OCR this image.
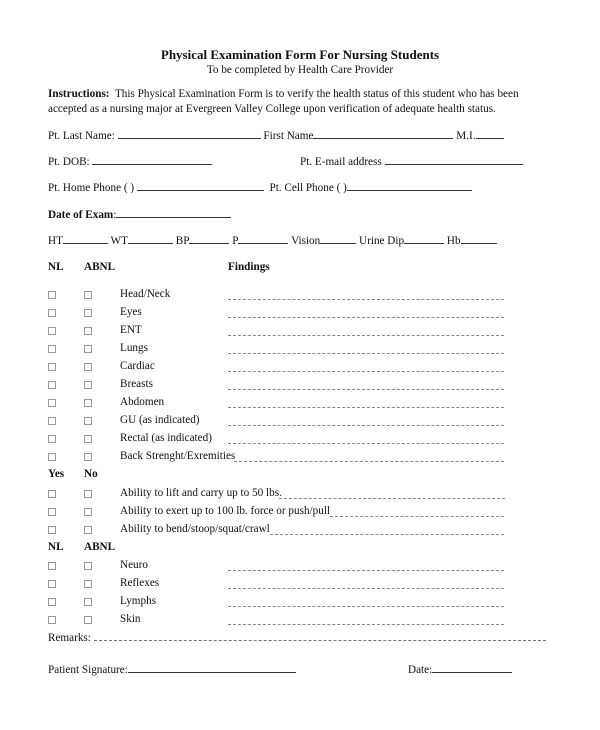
Physical Examination Form For Nursing Students
To be completed by Health Care Provider
Instructions: This Physical Examination Form is to verify the health status of this student who has been
accepted as a nursing major at Evergreen Valley College upon verification of adequate health status.
Pt. Last Name:	First Name	M.I.
Pt. DOB:	Pt. E-mail address
Pt. Home Phone ( )	Pt. Cell Phone ( )
Date of Exam:
HT	WT	BP	P	Vision	Urine Dip	Hb
NL ABNL	Findings
Head/Neck
Eyes
ENT
Lungs
Cardiac
Breasts
Abdomen
GU (as indicated)
Rectal (as indicated)
Back Strenght/Exremities
Yes No
Ability to lift and carry up to 50 lbs.
Ability to exert up to 100 lb. force or push/pull
Ability to bend/stoop/squat/crawl
NL ABNL
Neuro
Reflexes
Lymphs
Skin
Remarks:
Patient Signature:	Date:
